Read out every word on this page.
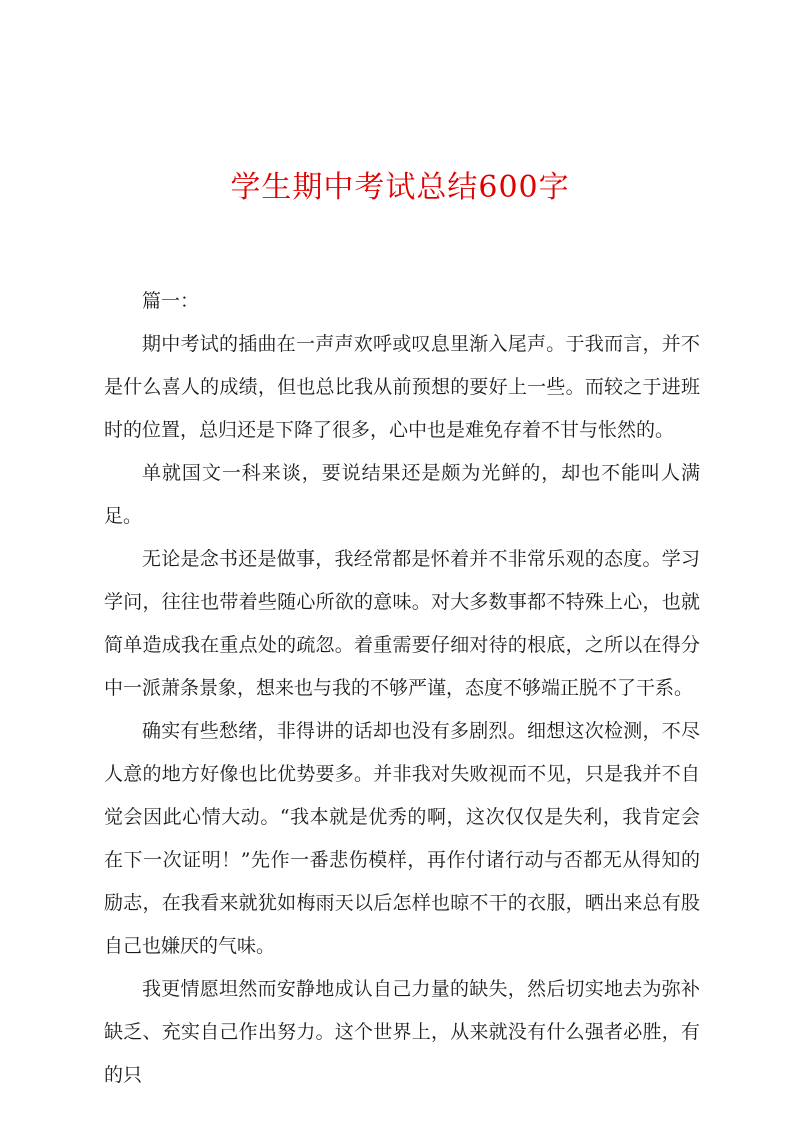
学生期中考试总结600字

篇一：

期中考试的插曲在一声声欢呼或叹息里渐入尾声。于我而言，并不是什么喜人的成绩，但也总比我从前预想的要好上一些。而较之于进班时的位置，总归还是下降了很多，心中也是难免存着不甘与怅然的。

单就国文一科来谈，要说结果还是颇为光鲜的，却也不能叫人满足。

无论是念书还是做事，我经常都是怀着并不非常乐观的态度。学习学问，往往也带着些随心所欲的意味。对大多数事都不特殊上心，也就简单造成我在重点处的疏忽。着重需要仔细对待的根底，之所以在得分中一派萧条景象，想来也与我的不够严谨，态度不够端正脱不了干系。

确实有些愁绪，非得讲的话却也没有多剧烈。细想这次检测，不尽人意的地方好像也比优势要多。并非我对失败视而不见，只是我并不自觉会因此心情大动。“我本就是优秀的啊，这次仅仅是失利，我肯定会在下一次证明！”先作一番悲伤模样，再作付诸行动与否都无从得知的励志，在我看来就犹如梅雨天以后怎样也晾不干的衣服，晒出来总有股自己也嫌厌的气味。

我更情愿坦然而安静地成认自己力量的缺失，然后切实地去为弥补缺乏、充实自己作出努力。这个世界上，从来就没有什么强者必胜，有的只
